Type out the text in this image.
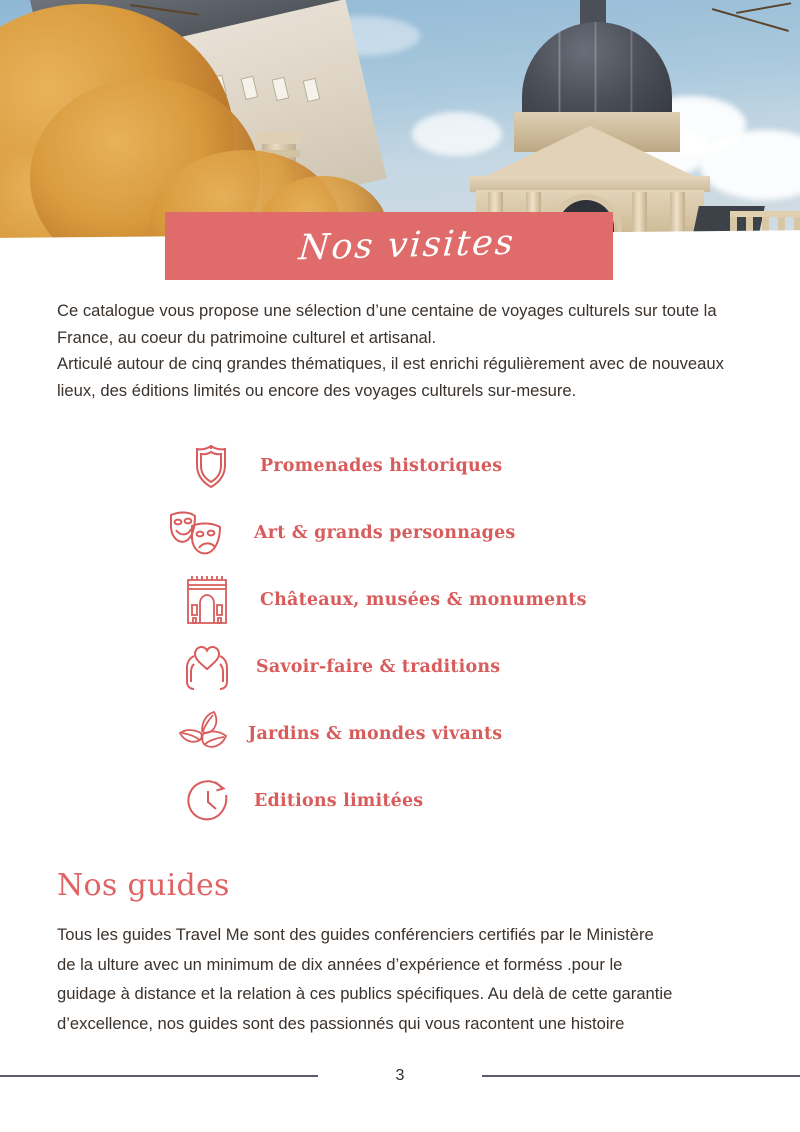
Nos visites

Ce catalogue vous propose une sélection d’une centaine de voyages culturels sur toute la France, au coeur du patrimoine culturel et artisanal.

Articulé autour de cinq grandes thématiques, il est enrichi régulièrement avec de nouveaux lieux, des éditions limités ou encore des voyages culturels sur-mesure.

Promenades historiques
Art & grands personnages
Châteaux, musées & monuments
Savoir-faire & traditions
Jardins & mondes vivants
Editions limitées
Nos guides

Tous les guides Travel Me sont des guides conférenciers certifiés par le Ministère

de la ulture avec un minimum de dix années d’expérience et forméss .pour le

guidage à distance et la relation à ces publics spécifiques. Au delà de cette garantie

d’excellence, nos guides sont des passionnés qui vous racontent une histoire

3
